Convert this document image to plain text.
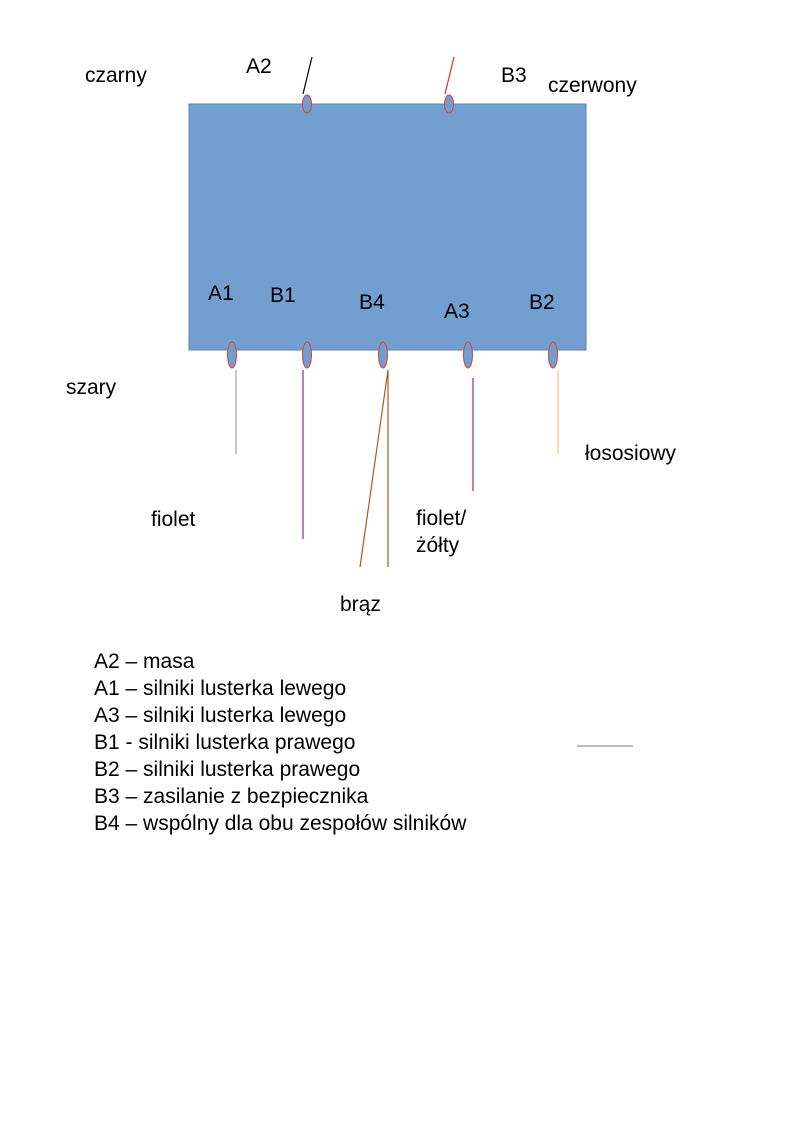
czarny	A2	B3 czerwony
A1 B1	B4	A3	B2
szary
fiolet
brąz
fiolet/
żółty
łososiowy
A2 – masa
A1 – silniki lusterka lewego
A3 – silniki lusterka lewego
B1 - silniki lusterka prawego
B2 – silniki lusterka prawego
B3 – zasilanie z bezpiecznika
B4 – wspólny dla obu zespołów silników
